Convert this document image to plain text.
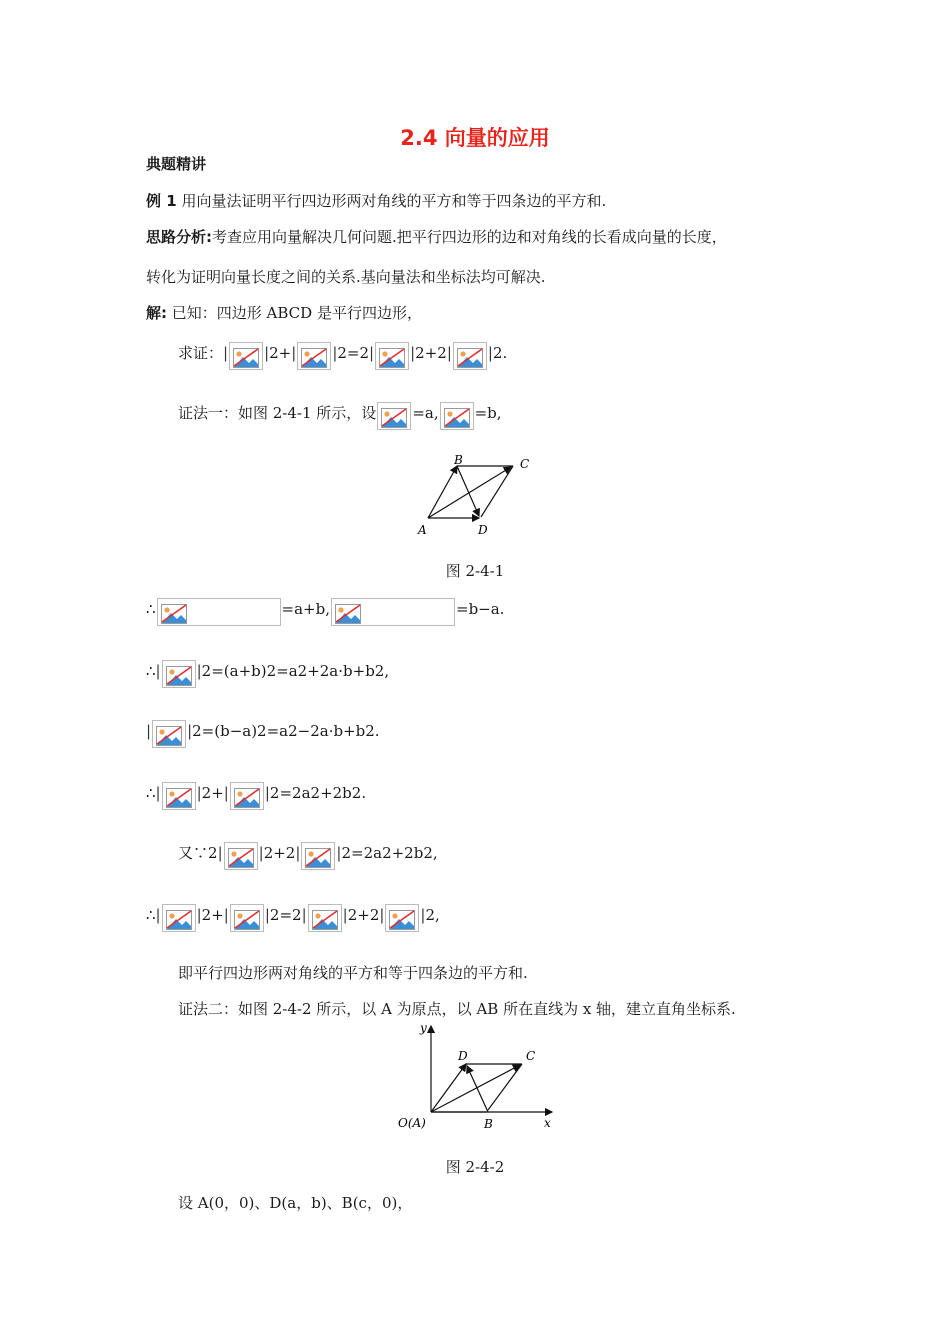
2.4 向量的应用
典题精讲
例 1 用向量法证明平行四边形两对角线的平方和等于四条边的平方和.
思路分析:考查应用向量解决几何问题.把平行四边形的边和对角线的长看成向量的长度，
转化为证明向量长度之间的关系.基向量法和坐标法均可解决.
解: 已知：四边形 ABCD 是平行四边形，
求证：| |2+| |2=2| |2+2| |2.
证法一：如图 2-4-1 所示，设 =a, =b,
B	C
A	D
图 2-4-1
∴	=a+b,	=b−a.
∴| |2=(a+b)2=a2+2a·b+b2,
| |2=(b−a)2=a2−2a·b+b2.
∴| |2+| |2=2a2+2b2.
又∵2| |2+2| |2=2a2+2b2,
∴| |2+| |2=2| |2+2| |2,
即平行四边形两对角线的平方和等于四条边的平方和.
证法二：如图 2-4-2 所示，以 A 为原点，以 AB 所在直线为 x 轴，建立直角坐标系.
y
x
D	C
B
O(A)
图 2-4-2
设 A(0，0)、D(a，b)、B(c，0)，
